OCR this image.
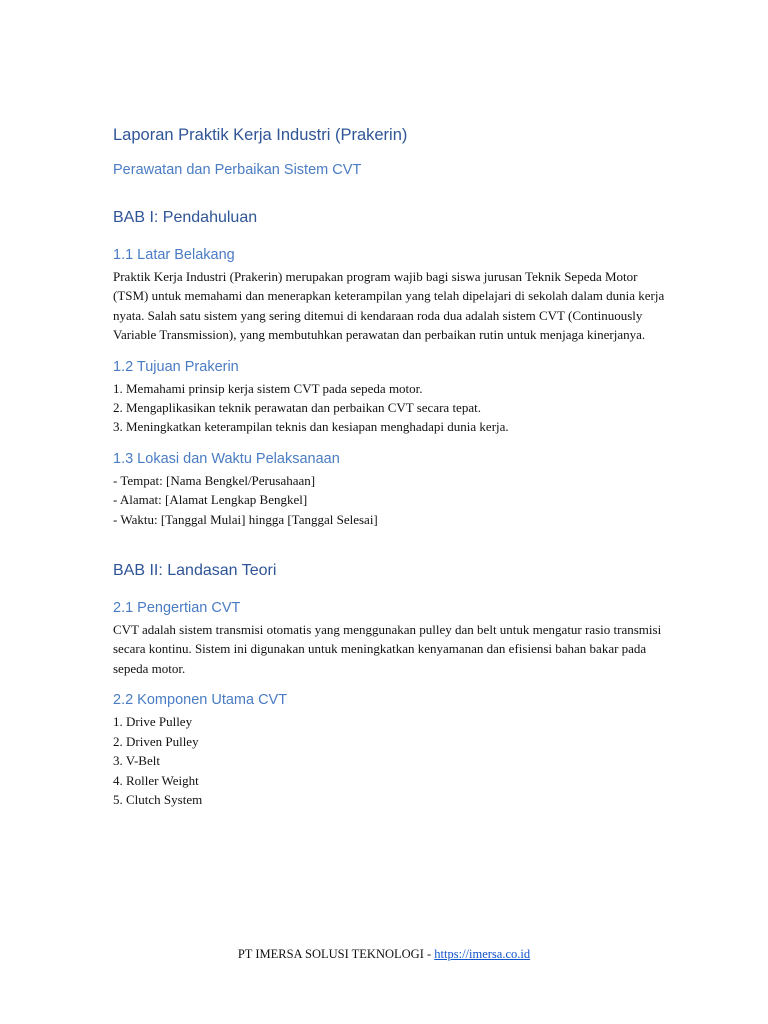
Laporan Praktik Kerja Industri (Prakerin)
Perawatan dan Perbaikan Sistem CVT
BAB I: Pendahuluan
1.1 Latar Belakang

Praktik Kerja Industri (Prakerin) merupakan program wajib bagi siswa jurusan Teknik Sepeda Motor (TSM) untuk memahami dan menerapkan keterampilan yang telah dipelajari di sekolah dalam dunia kerja nyata. Salah satu sistem yang sering ditemui di kendaraan roda dua adalah sistem CVT (Continuously Variable Transmission), yang membutuhkan perawatan dan perbaikan rutin untuk menjaga kinerjanya.

1.2 Tujuan Prakerin
1. Memahami prinsip kerja sistem CVT pada sepeda motor.
2. Mengaplikasikan teknik perawatan dan perbaikan CVT secara tepat.
3. Meningkatkan keterampilan teknis dan kesiapan menghadapi dunia kerja.
1.3 Lokasi dan Waktu Pelaksanaan
- Tempat: [Nama Bengkel/Perusahaan]
- Alamat: [Alamat Lengkap Bengkel]
- Waktu: [Tanggal Mulai] hingga [Tanggal Selesai]
BAB II: Landasan Teori
2.1 Pengertian CVT

CVT adalah sistem transmisi otomatis yang menggunakan pulley dan belt untuk mengatur rasio transmisi secara kontinu. Sistem ini digunakan untuk meningkatkan kenyamanan dan efisiensi bahan bakar pada sepeda motor.

2.2 Komponen Utama CVT
1. Drive Pulley
2. Driven Pulley
3. V-Belt
4. Roller Weight
5. Clutch System
PT IMERSA SOLUSI TEKNOLOGI - https://imersa.co.id
